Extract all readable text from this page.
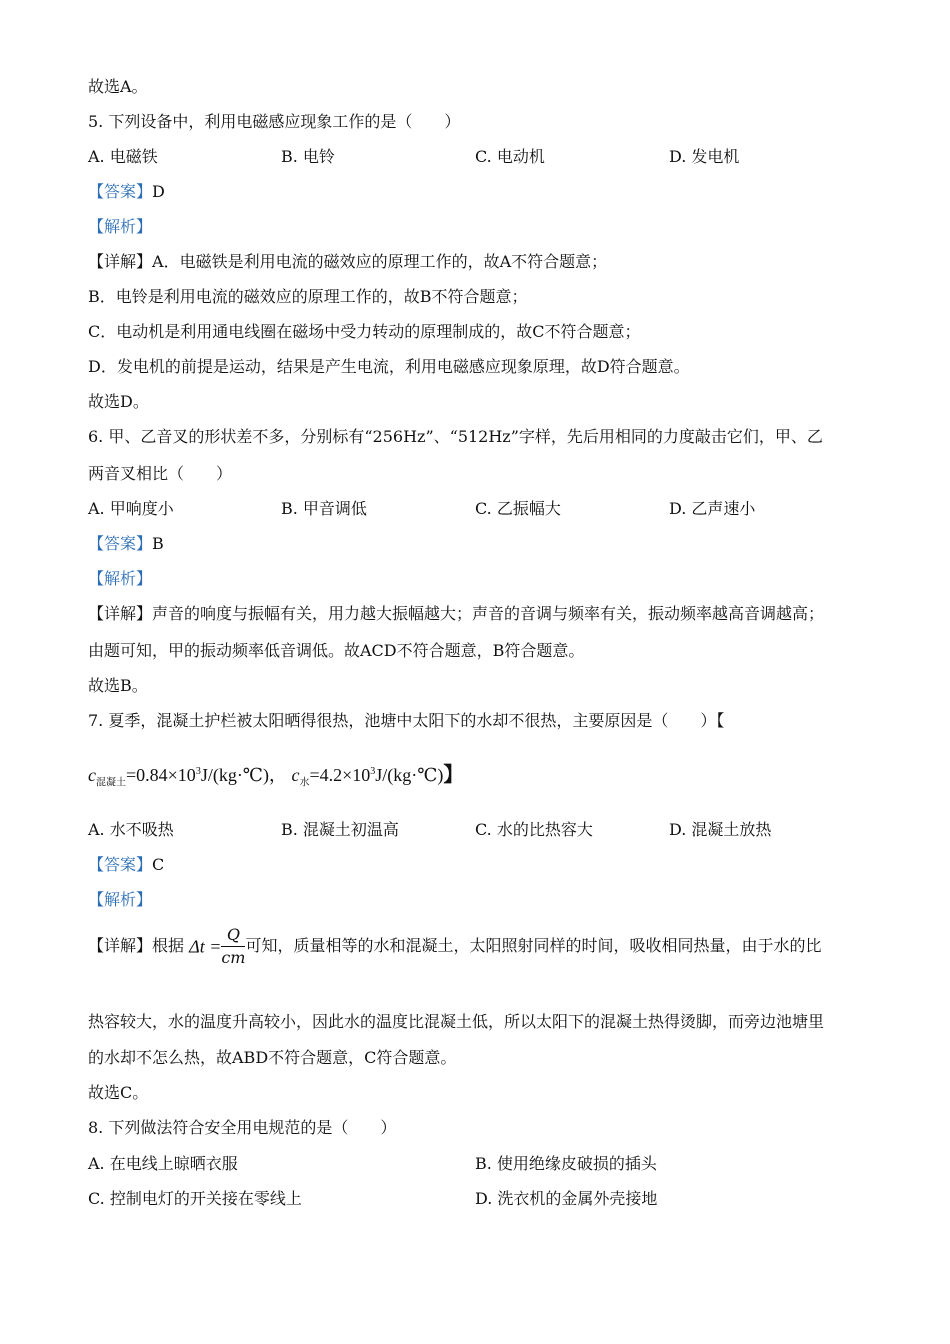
故选A。
5. 下列设备中，利用电磁感应现象工作的是（　　）
A. 电磁铁	B. 电铃	C. 电动机	D. 发电机
【答案】D
【解析】
【详解】A．电磁铁是利用电流的磁效应的原理工作的，故A不符合题意；
B．电铃是利用电流的磁效应的原理工作的，故B不符合题意；
C．电动机是利用通电线圈在磁场中受力转动的原理制成的，故C不符合题意；
D．发电机的前提是运动，结果是产生电流，利用电磁感应现象原理，故D符合题意。
故选D。
6. 甲、乙音叉的形状差不多，分别标有“256Hz”、“512Hz”字样，先后用相同的力度敲击它们，甲、乙
两音叉相比（　　）
A. 甲响度小	B. 甲音调低	C. 乙振幅大	D. 乙声速小
【答案】B
【解析】
【详解】声音的响度与振幅有关，用力越大振幅越大；声音的音调与频率有关，振动频率越高音调越高；
由题可知，甲的振动频率低音调低。故ACD不符合题意，B符合题意。
故选B。
7. 夏季，混凝土护栏被太阳晒得很热，池塘中太阳下的水却不很热，主要原因是（　　）【
$c_{混凝土}=0.84\times 10^3J/(kg\cdot℃)$， $c_水=4.2\times 10^3J/(kg\cdot℃)$】
A. 水不吸热	B. 混凝土初温高	C. 水的比热容大	D. 混凝土放热
【答案】C
【解析】
【详解】根据 $\Delta t = \frac{Q}{cm}$ 可知，质量相等的水和混凝土，太阳照射同样的时间，吸收相同热量，由于水的比
热容较大，水的温度升高较小，因此水的温度比混凝土低，所以太阳下的混凝土热得烫脚，而旁边池塘里
的水却不怎么热，故ABD不符合题意，C符合题意。
故选C。
8. 下列做法符合安全用电规范的是（　　）
A. 在电线上晾晒衣服	B. 使用绝缘皮破损的插头
C. 控制电灯的开关接在零线上	D. 洗衣机的金属外壳接地
